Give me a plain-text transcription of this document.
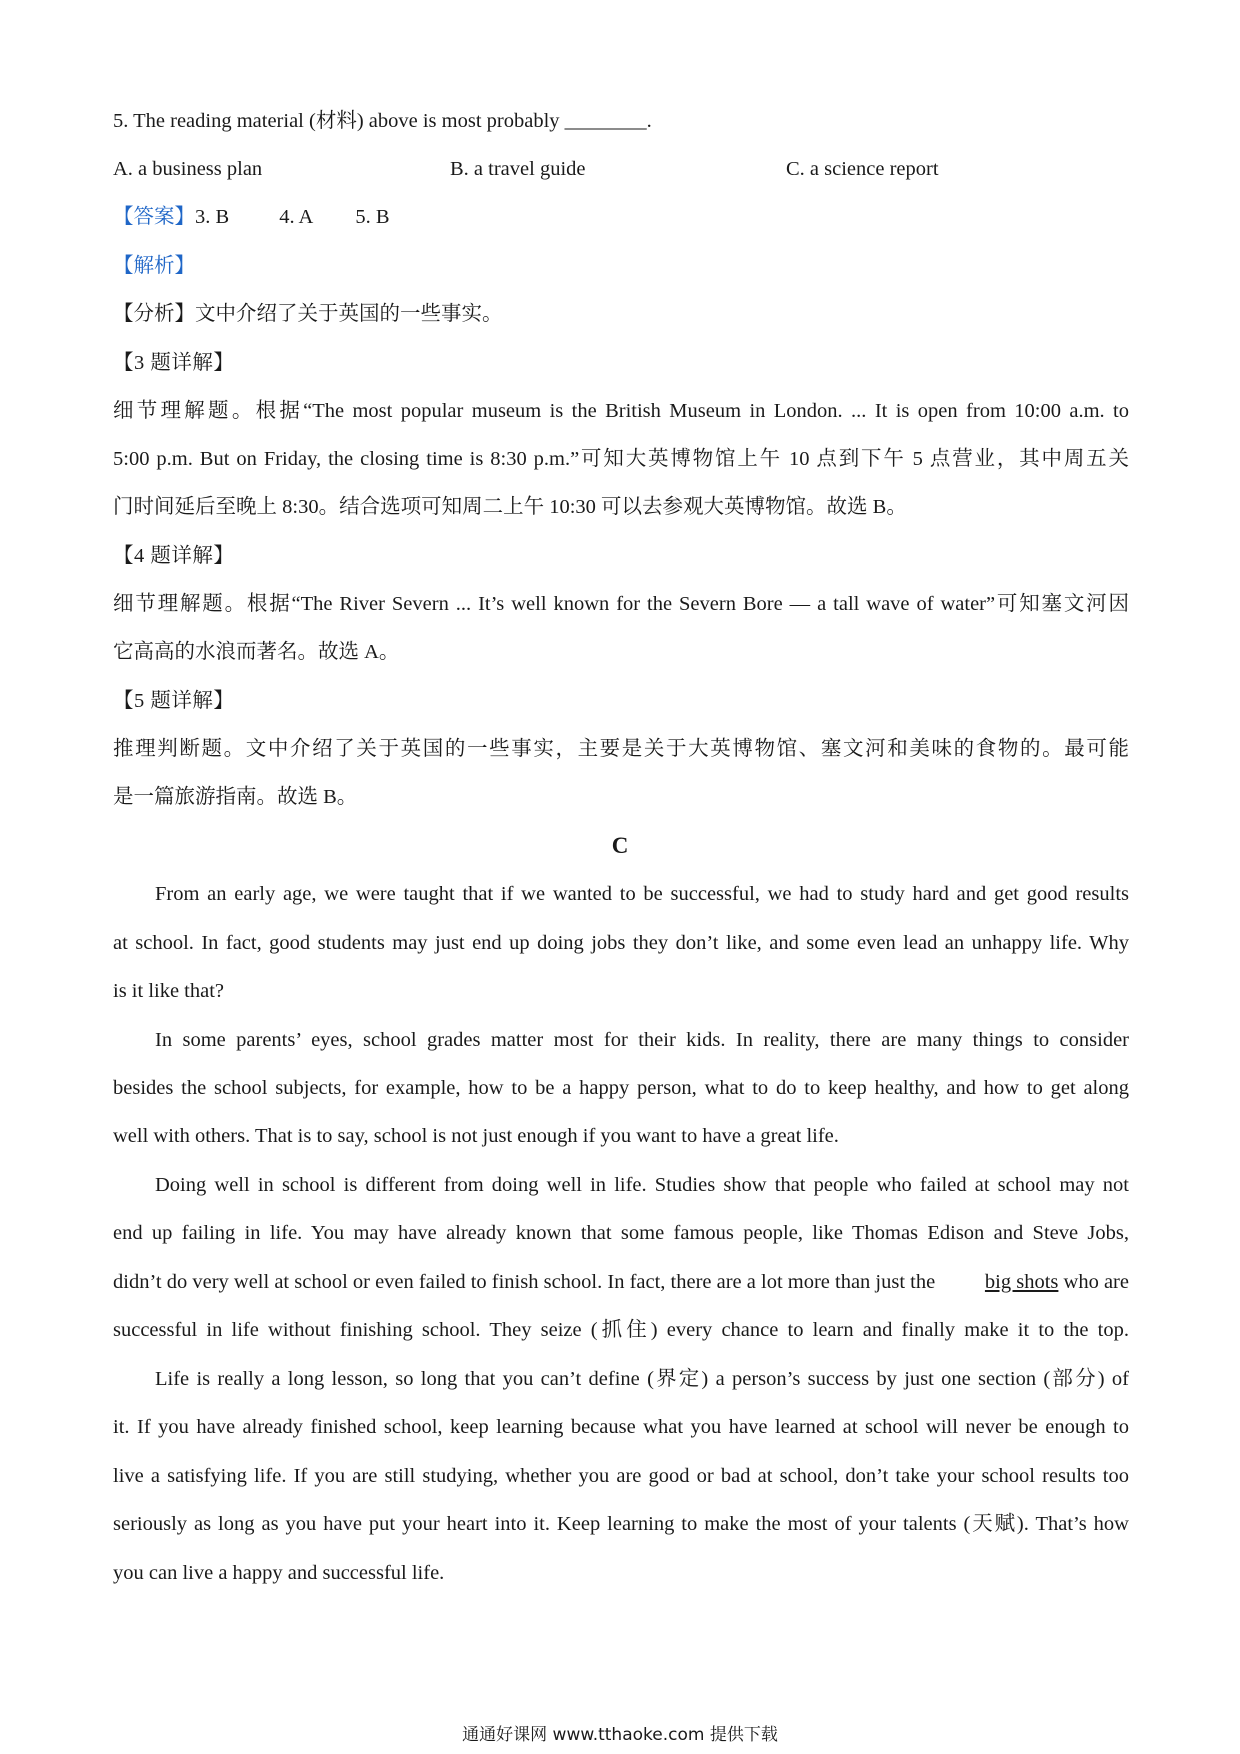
5. The reading material (材料) above is most probably ________.
A. a business plan	B. a travel guide	C. a science report
【答案】3. B 4. A 5. B
【解析】
【分析】文中介绍了关于英国的一些事实。
【3 题详解】
细节理解题。根据“The most popular museum is the British Museum in London. ... It is open from 10:00 a.m. to
5:00 p.m. But on Friday, the closing time is 8:30 p.m.”可知大英博物馆上午 10 点到下午 5 点营业，其中周五关
门时间延后至晚上 8:30。结合选项可知周二上午 10:30 可以去参观大英博物馆。故选 B。
【4 题详解】
细节理解题。根据“The River Severn ... It’s well known for the Severn Bore — a tall wave of water”可知塞文河因
它高高的水浪而著名。故选 A。
【5 题详解】
推理判断题。文中介绍了关于英国的一些事实，主要是关于大英博物馆、塞文河和美味的食物的。最可能
是一篇旅游指南。故选 B。
C
From an early age, we were taught that if we wanted to be successful, we had to study hard and get good results
at school. In fact, good students may just end up doing jobs they don’t like, and some even lead an unhappy life. Why
is it like that?
In some parents’ eyes, school grades matter most for their kids. In reality, there are many things to consider
besides the school subjects, for example, how to be a happy person, what to do to keep healthy, and how to get along
well with others. That is to say, school is not just enough if you want to have a great life.
Doing well in school is different from doing well in life. Studies show that people who failed at school may not
end up failing in life. You may have already known that some famous people, like Thomas Edison and Steve Jobs,
didn’t do very well at school or even failed to finish school. In fact, there are a lot more than just the big shots who are
successful in life without finishing school. They seize (抓住) every chance to learn and finally make it to the top.
Life is really a long lesson, so long that you can’t define (界定) a person’s success by just one section (部分) of
it. If you have already finished school, keep learning because what you have learned at school will never be enough to
live a satisfying life. If you are still studying, whether you are good or bad at school, don’t take your school results too
seriously as long as you have put your heart into it. Keep learning to make the most of your talents (天赋). That’s how
you can live a happy and successful life.
通通好课网 www.tthaoke.com 提供下载
